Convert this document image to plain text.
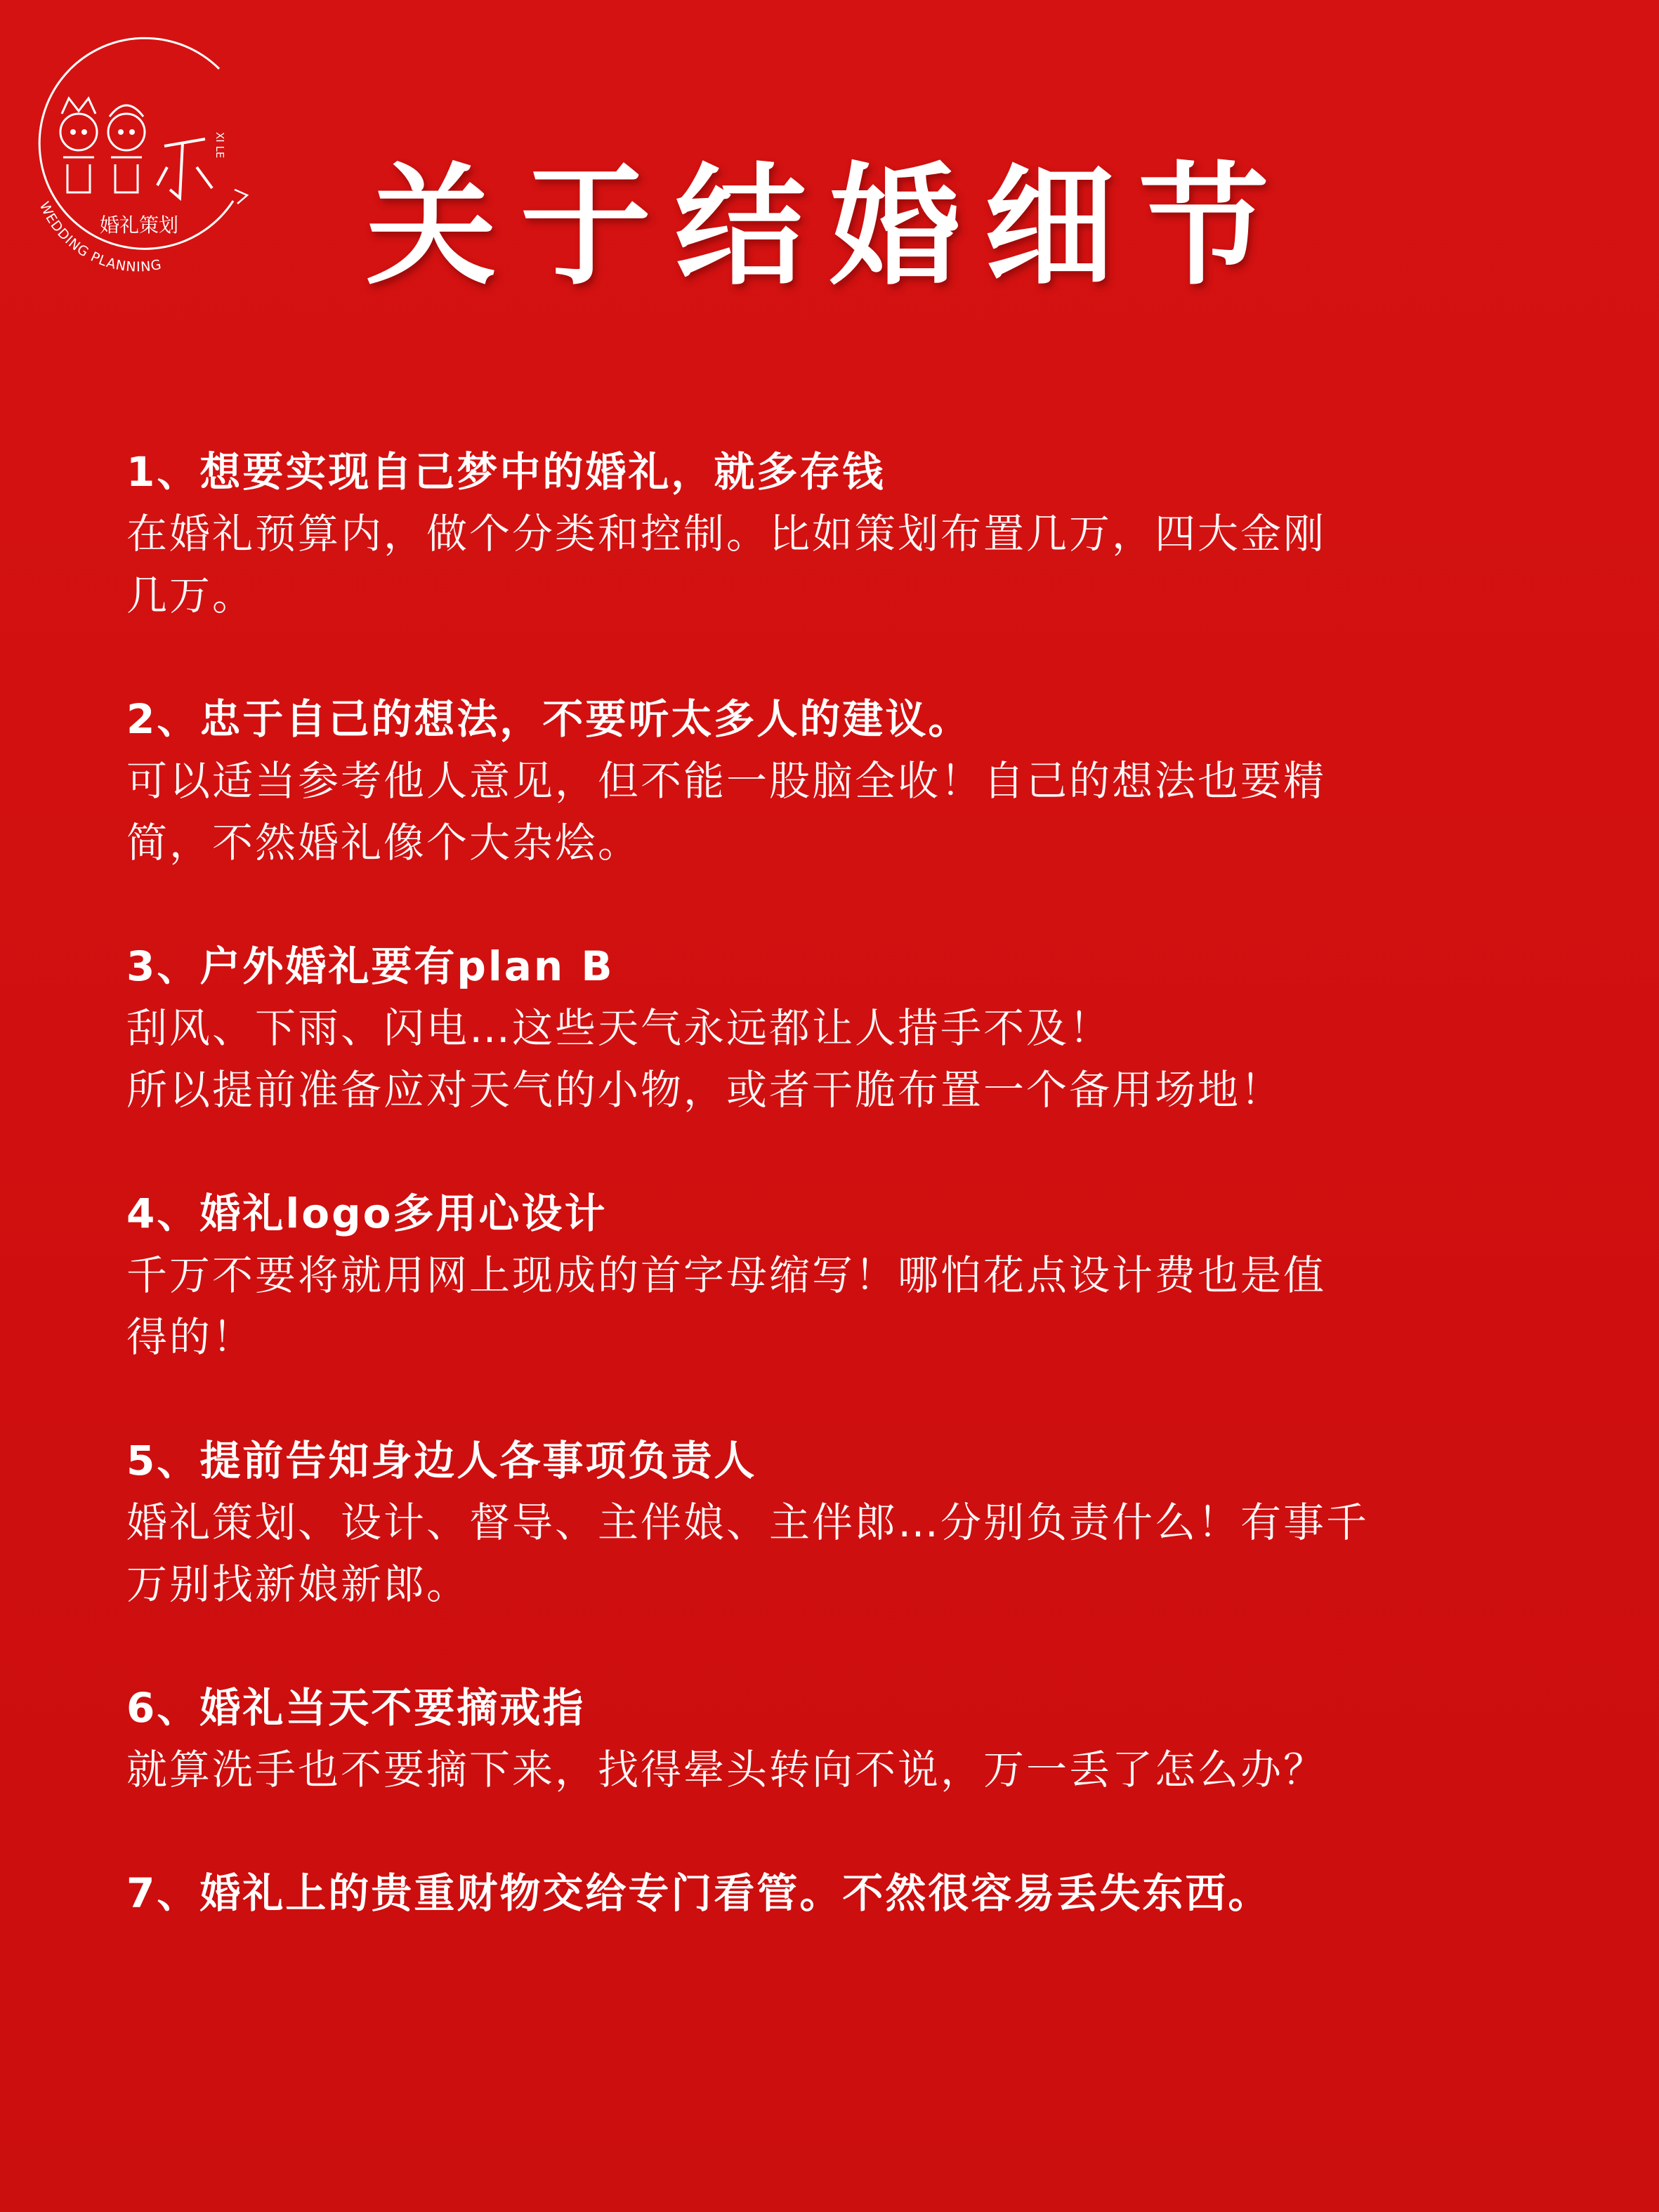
XI LE
婚礼策划
WEDDING PLANNING	关于结婚细节
1、想要实现自己梦中的婚礼，就多存钱
在婚礼预算内，做个分类和控制。比如策划布置几万，四大金刚
几万。
2、忠于自己的想法，不要听太多人的建议。
可以适当参考他人意见，但不能一股脑全收！自己的想法也要精
简，不然婚礼像个大杂烩。
3、户外婚礼要有plan B
刮风、下雨、闪电…这些天气永远都让人措手不及！
所以提前准备应对天气的小物，或者干脆布置一个备用场地！
4、婚礼logo多用心设计
千万不要将就用网上现成的首字母缩写！哪怕花点设计费也是值
得的！
5、提前告知身边人各事项负责人
婚礼策划、设计、督导、主伴娘、主伴郎…分别负责什么！有事千
万别找新娘新郎。
6、婚礼当天不要摘戒指
就算洗手也不要摘下来，找得晕头转向不说，万一丢了怎么办？
7、婚礼上的贵重财物交给专门看管。不然很容易丢失东西。
